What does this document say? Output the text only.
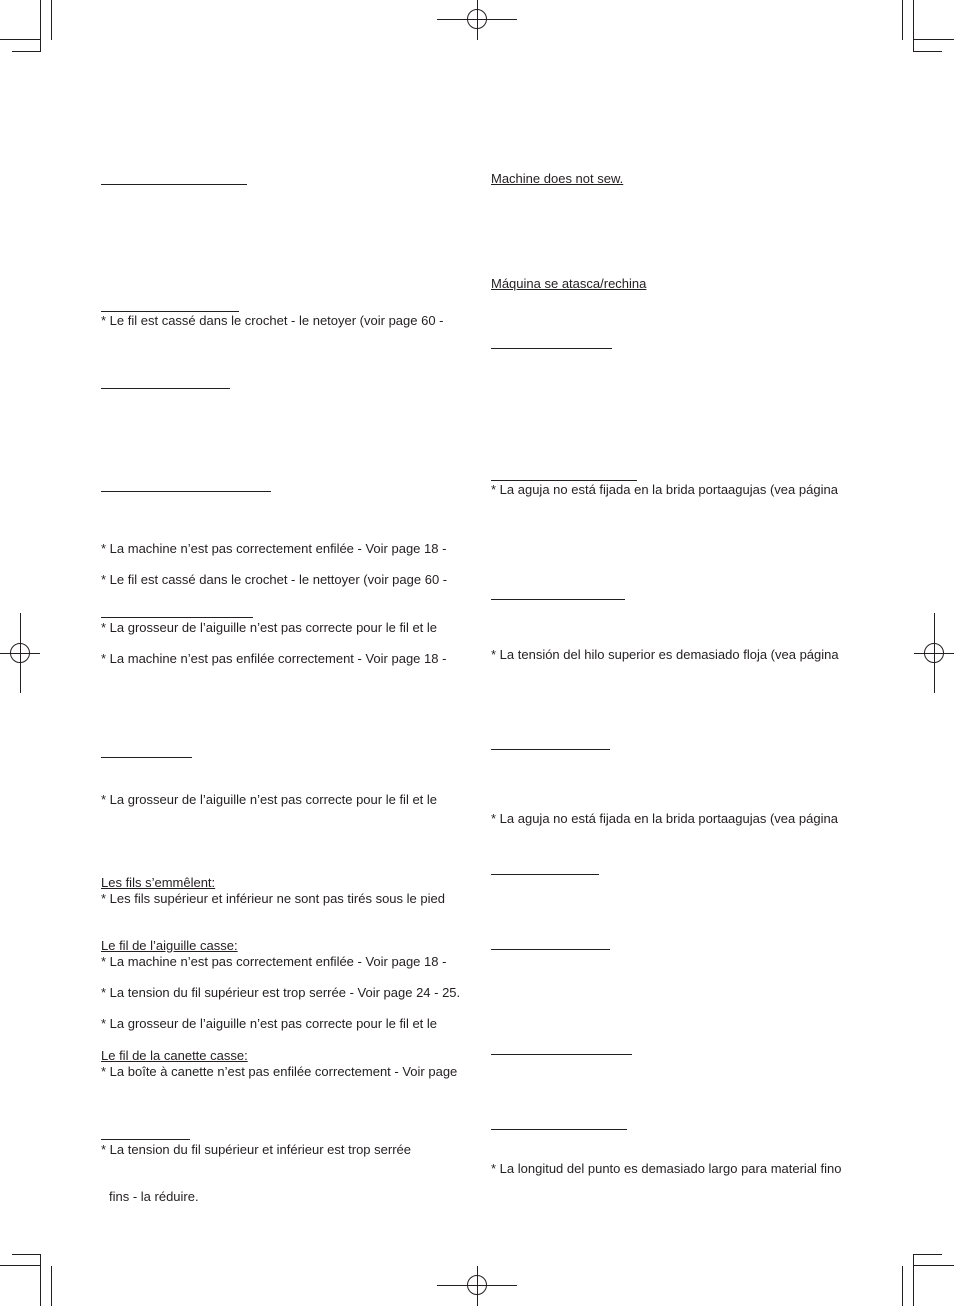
* Le fil est cassé dans le crochet - le netoyer (voir page 60 -
* La machine n’est pas correctement enfilée - Voir page 18 -
* Le fil est cassé dans le crochet - le nettoyer (voir page 60 -
* La grosseur de l’aiguille n’est pas correcte pour le fil et le
* La machine n’est pas enfilée correctement - Voir page 18 -
* La grosseur de l’aiguille n’est pas correcte pour le fil et le
Les fils s’emmêlent:
* Les fils supérieur et inférieur ne sont pas tirés sous le pied
Le fil de l’aiguille casse:
* La machine n’est pas correctement enfilée - Voir page 18 -
* La tension du fil supérieur est trop serrée - Voir page 24 - 25.
* La grosseur de l’aiguille n’est pas correcte pour le fil et le
Le fil de la canette casse:
* La boîte à canette n’est pas enfilée correctement - Voir page
* La tension du fil supérieur et inférieur est trop serrée
fins - la réduire.
Machine does not sew.
Máquina se atasca/rechina
* La aguja no está fijada en la brida portaagujas (vea página
* La tensión del hilo superior es demasiado floja (vea página
* La aguja no está fijada en la brida portaagujas (vea página
* La longitud del punto es demasiado largo para material fino
